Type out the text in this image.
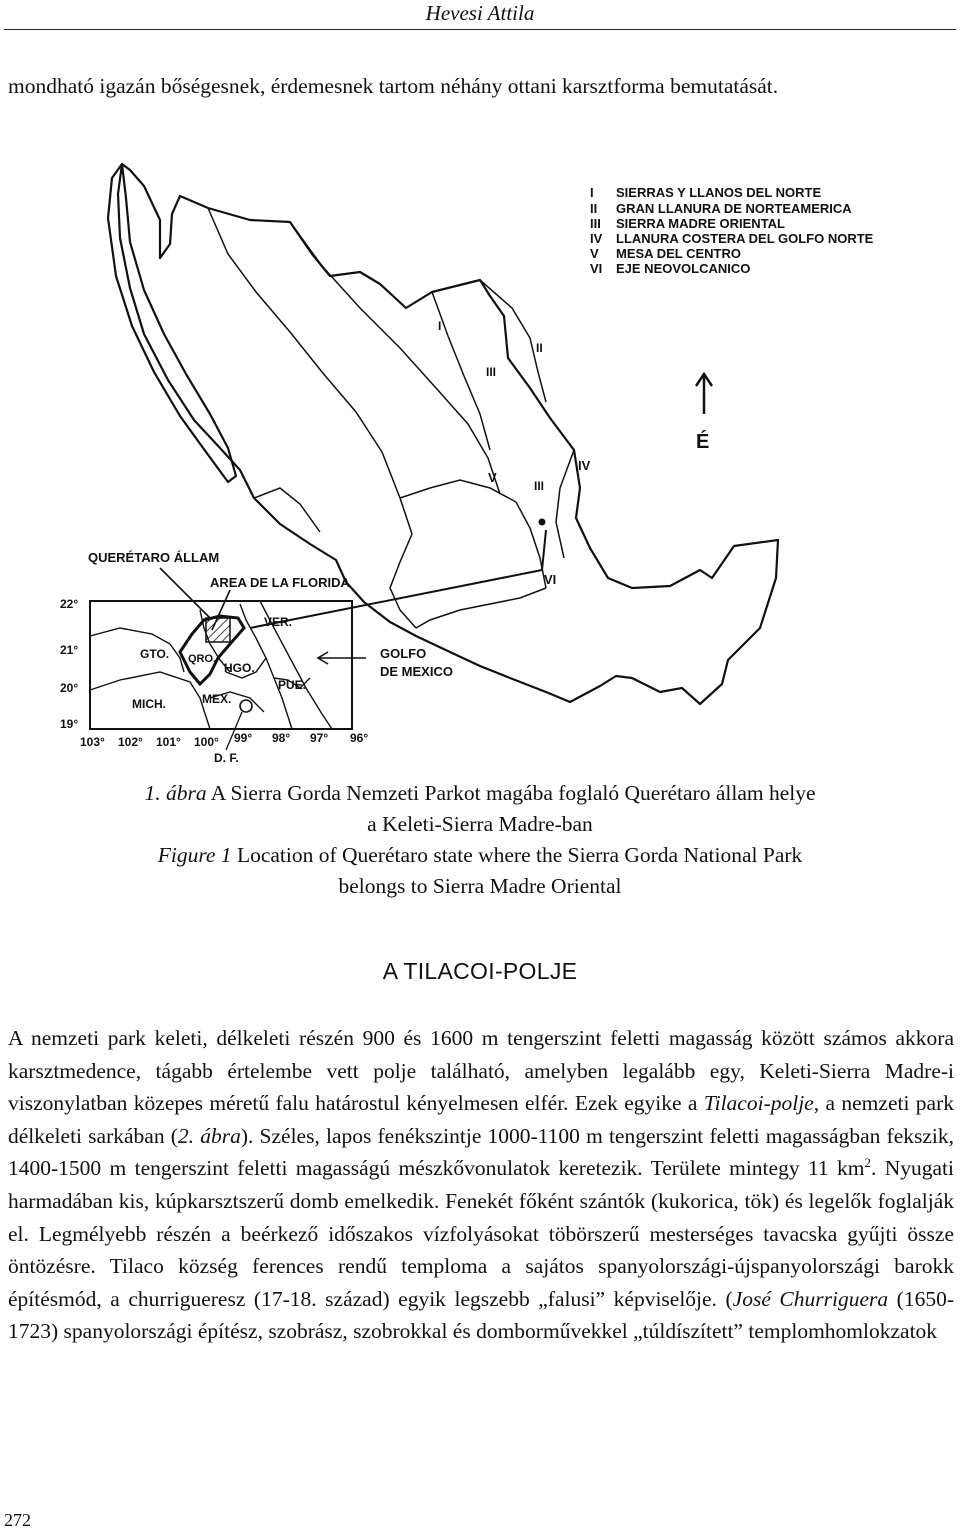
Hevesi Attila

mondható igazán bőségesnek, érdemesnek tartom néhány ottani karsztforma bemutatását.

I SIERRAS Y LLANOS DEL NORTE
II GRAN LLANURA DE NORTEAMERICA
III SIERRA MADRE ORIENTAL
IV LLANURA COSTERA DEL GOLFO NORTE
V MESA DEL CENTRO
VI EJE NEOVOLCANICO
É
I
II
III
IV
V
III
VI
QUERÉTARO ÁLLAM
AREA DE LA FLORIDA
GTO. QRO.
HGO.
VER.
PUE.
MICH.	MEX.
D. F.
22°
21°
20°
19°
103° 102° 101° 100° 99° 98° 97° 96°
GOLFO
DE MEXICO
1. ábra A Sierra Gorda Nemzeti Parkot magába foglaló Querétaro állam helye
a Keleti-Sierra Madre-ban
Figure 1 Location of Querétaro state where the Sierra Gorda National Park
belongs to Sierra Madre Oriental
A TILACOI-POLJE

A nemzeti park keleti, délkeleti részén 900 és 1600 m tengerszint feletti magasság között számos akkora karsztmedence, tágabb értelembe vett polje található, amelyben legalább egy, Keleti-Sierra Madre-i viszonylatban közepes méretű falu határostul kényelmesen elfér. Ezek egyike a Tilacoi-polje, a nemzeti park délkeleti sarkában (2. ábra). Széles, lapos fenékszintje 1000-1100 m tengerszint feletti magasságban fekszik, 1400-1500 m tengerszint feletti magasságú mészkővonulatok keretezik. Területe mintegy 11 $km^2$. Nyugati harmadában kis, kúpkarsztszerű domb emelkedik. Fenekét főként szántók (kukorica, tök) és legelők foglalják el. Legmélyebb részén a beérkező időszakos vízfolyásokat töbörszerű mesterséges tavacska gyűjti össze öntözésre. Tilaco község ferences rendű temploma a sajátos spanyolországi-újspanyolországi barokk építésmód, a churrigueresz (17-18. század) egyik legszebb „falusi” képviselője. (José Churriguera (1650-1723) spanyolországi építész, szobrász, szobrokkal és domborművekkel „túldíszített” templomhomlokzatok

272
